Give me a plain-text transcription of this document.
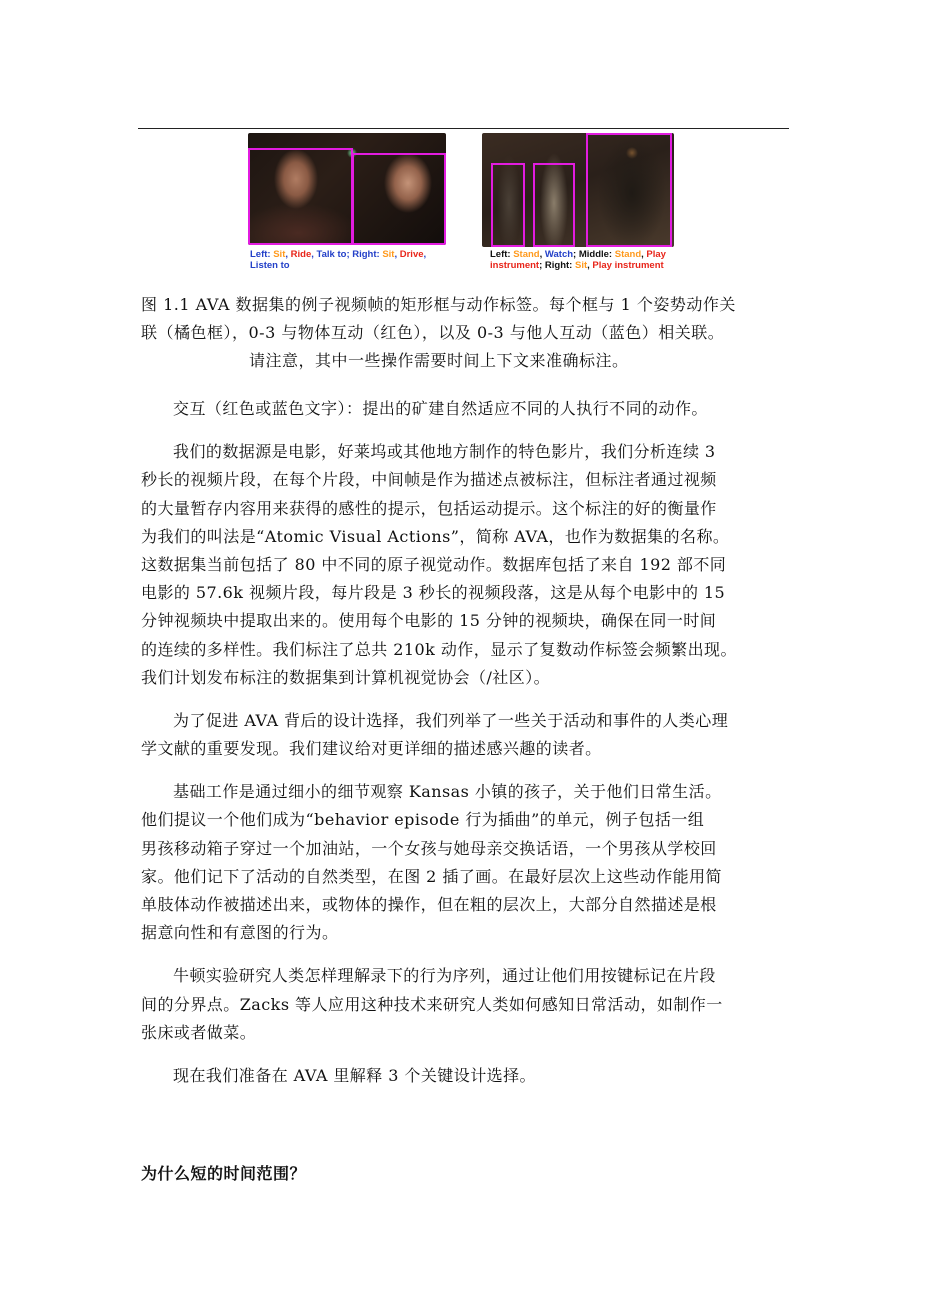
Left: Sit, Ride, Talk to; Right: Sit, Drive,
Listen to
Left: Stand, Watch; Middle: Stand, Play
instrument; Right: Sit, Play instrument
图 1.1 AVA 数据集的例子视频帧的矩形框与动作标签。每个框与 1 个姿势动作关
联（橘色框），0-3 与物体互动（红色），以及 0-3 与他人互动（蓝色）相关联。
请注意，其中一些操作需要时间上下文来准确标注。
交互（红色或蓝色文字）：提出的矿建自然适应不同的人执行不同的动作。
我们的数据源是电影，好莱坞或其他地方制作的特色影片，我们分析连续 3
秒长的视频片段，在每个片段，中间帧是作为描述点被标注，但标注者通过视频
的大量暂存内容用来获得的感性的提示，包括运动提示。这个标注的好的衡量作
为我们的叫法是“Atomic Visual Actions”，简称 AVA，也作为数据集的名称。
这数据集当前包括了 80 中不同的原子视觉动作。数据库包括了来自 192 部不同
电影的 57.6k 视频片段，每片段是 3 秒长的视频段落，这是从每个电影中的 15
分钟视频块中提取出来的。使用每个电影的 15 分钟的视频块，确保在同一时间
的连续的多样性。我们标注了总共 210k 动作，显示了复数动作标签会频繁出现。
我们计划发布标注的数据集到计算机视觉协会（/社区）。
为了促进 AVA 背后的设计选择，我们列举了一些关于活动和事件的人类心理
学文献的重要发现。我们建议给对更详细的描述感兴趣的读者。
基础工作是通过细小的细节观察 Kansas 小镇的孩子，关于他们日常生活。
他们提议一个他们成为“behavior episode 行为插曲”的单元，例子包括一组
男孩移动箱子穿过一个加油站，一个女孩与她母亲交换话语，一个男孩从学校回
家。他们记下了活动的自然类型，在图 2 插了画。在最好层次上这些动作能用简
单肢体动作被描述出来，或物体的操作，但在粗的层次上，大部分自然描述是根
据意向性和有意图的行为。
牛顿实验研究人类怎样理解录下的行为序列，通过让他们用按键标记在片段
间的分界点。Zacks 等人应用这种技术来研究人类如何感知日常活动，如制作一
张床或者做菜。
现在我们准备在 AVA 里解释 3 个关键设计选择。
为什么短的时间范围？
